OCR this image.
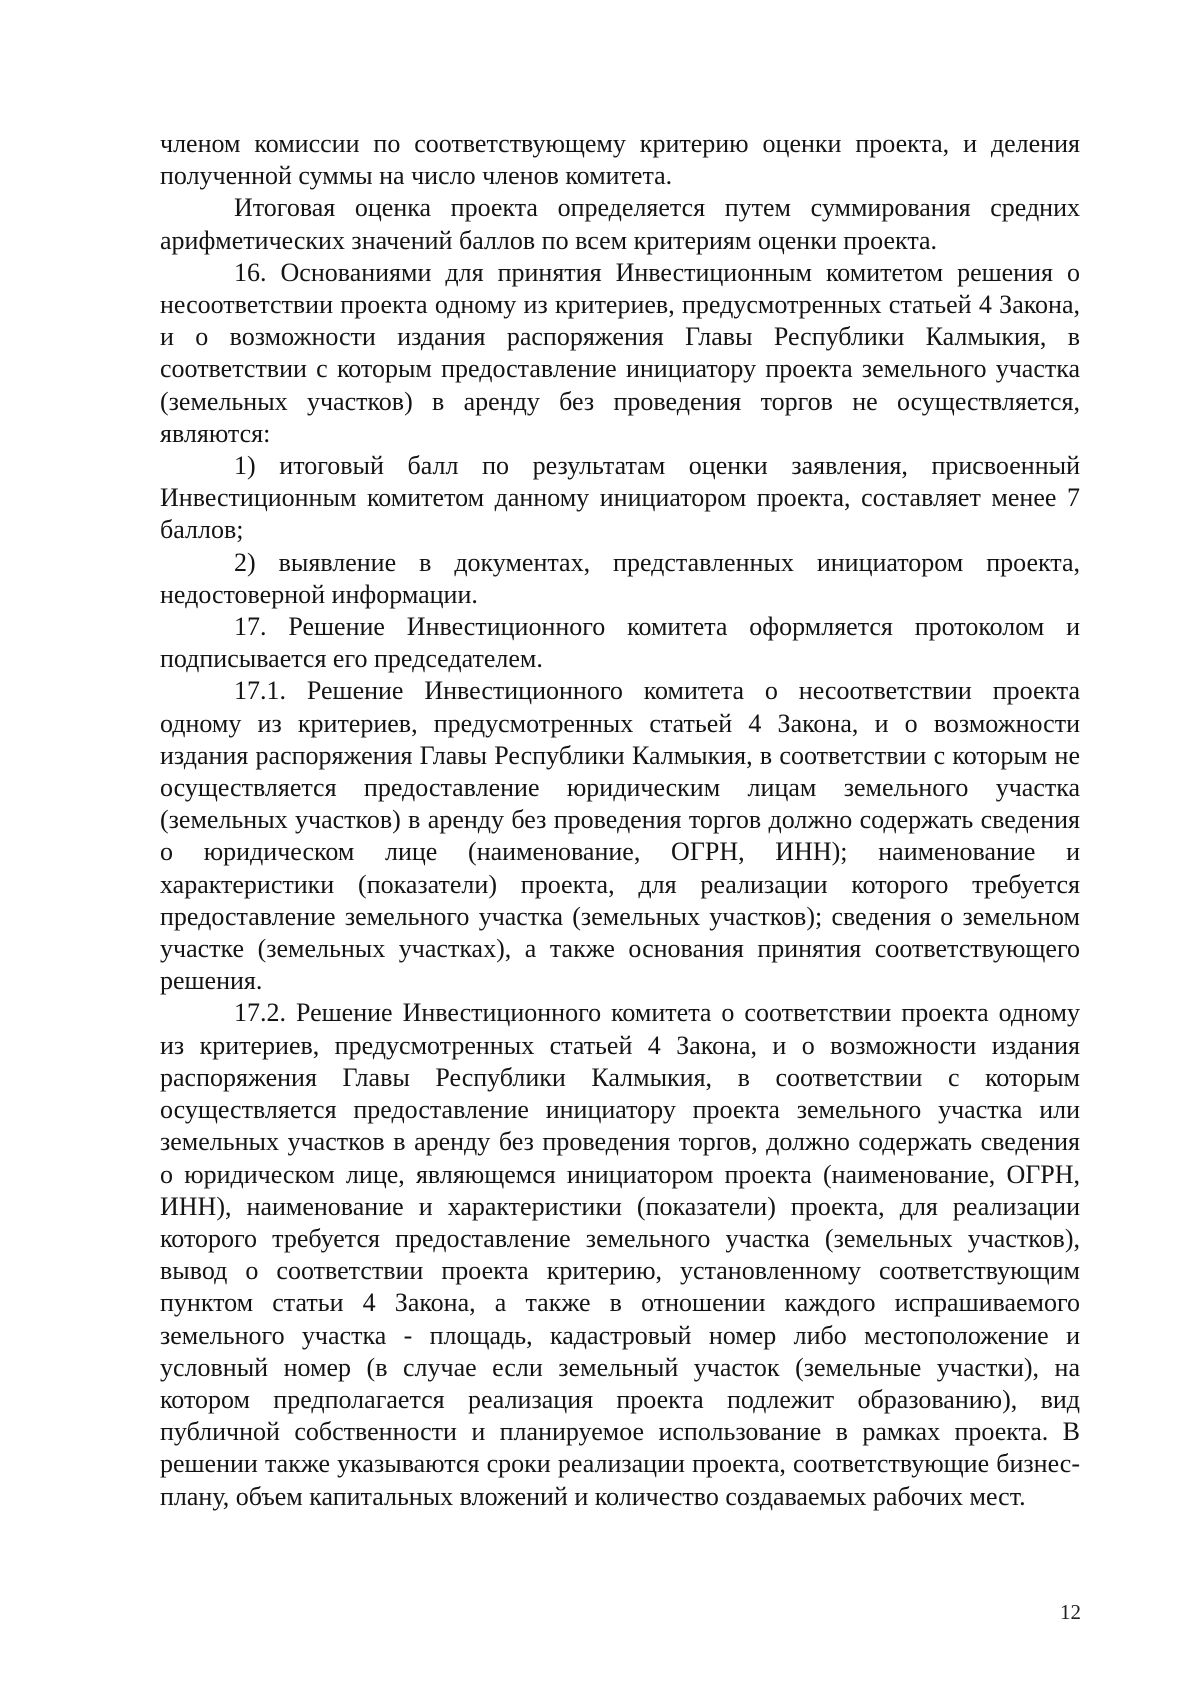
членом комиссии по соответствующему критерию оценки проекта, и деления полученной суммы на число членов комитета.

Итоговая оценка проекта определяется путем суммирования средних арифметических значений баллов по всем критериям оценки проекта.

16. Основаниями для принятия Инвестиционным комитетом решения о несоответствии проекта одному из критериев, предусмотренных статьей 4 Закона, и о возможности издания распоряжения Главы Республики Калмыкия, в соответствии с которым предоставление инициатору проекта земельного участка (земельных участков) в аренду без проведения торгов не осуществляется, являются:

1) итоговый балл по результатам оценки заявления, присвоенный Инвестиционным комитетом данному инициатором проекта, составляет менее 7 баллов;

2) выявление в документах, представленных инициатором проекта, недостоверной информации.

17. Решение Инвестиционного комитета оформляется протоколом и подписывается его председателем.

17.1. Решение Инвестиционного комитета о несоответствии проекта одному из критериев, предусмотренных статьей 4 Закона, и о возможности издания распоряжения Главы Республики Калмыкия, в соответствии с которым не осуществляется предоставление юридическим лицам земельного участка (земельных участков) в аренду без проведения торгов должно содержать сведения о юридическом лице (наименование, ОГРН, ИНН); наименование и характеристики (показатели) проекта, для реализации которого требуется предоставление земельного участка (земельных участков); сведения о земельном участке (земельных участках), а также основания принятия соответствующего решения.

17.2. Решение Инвестиционного комитета о соответствии проекта одному из критериев, предусмотренных статьей 4 Закона, и о возможности издания распоряжения Главы Республики Калмыкия, в соответствии с которым осуществляется предоставление инициатору проекта земельного участка или земельных участков в аренду без проведения торгов, должно содержать сведения о юридическом лице, являющемся инициатором проекта (наименование, ОГРН, ИНН), наименование и характеристики (показатели) проекта, для реализации которого требуется предоставление земельного участка (земельных участков), вывод о соответствии проекта критерию, установленному соответствующим пунктом статьи 4 Закона, а также в отношении каждого испрашиваемого земельного участка - площадь, кадастровый номер либо местоположение и условный номер (в случае если земельный участок (земельные участки), на котором предполагается реализация проекта подлежит образованию), вид публичной собственности и планируемое использование в рамках проекта. В решении также указываются сроки реализации проекта, соответствующие бизнес-плану, объем капитальных вложений и количество создаваемых рабочих мест.

12
